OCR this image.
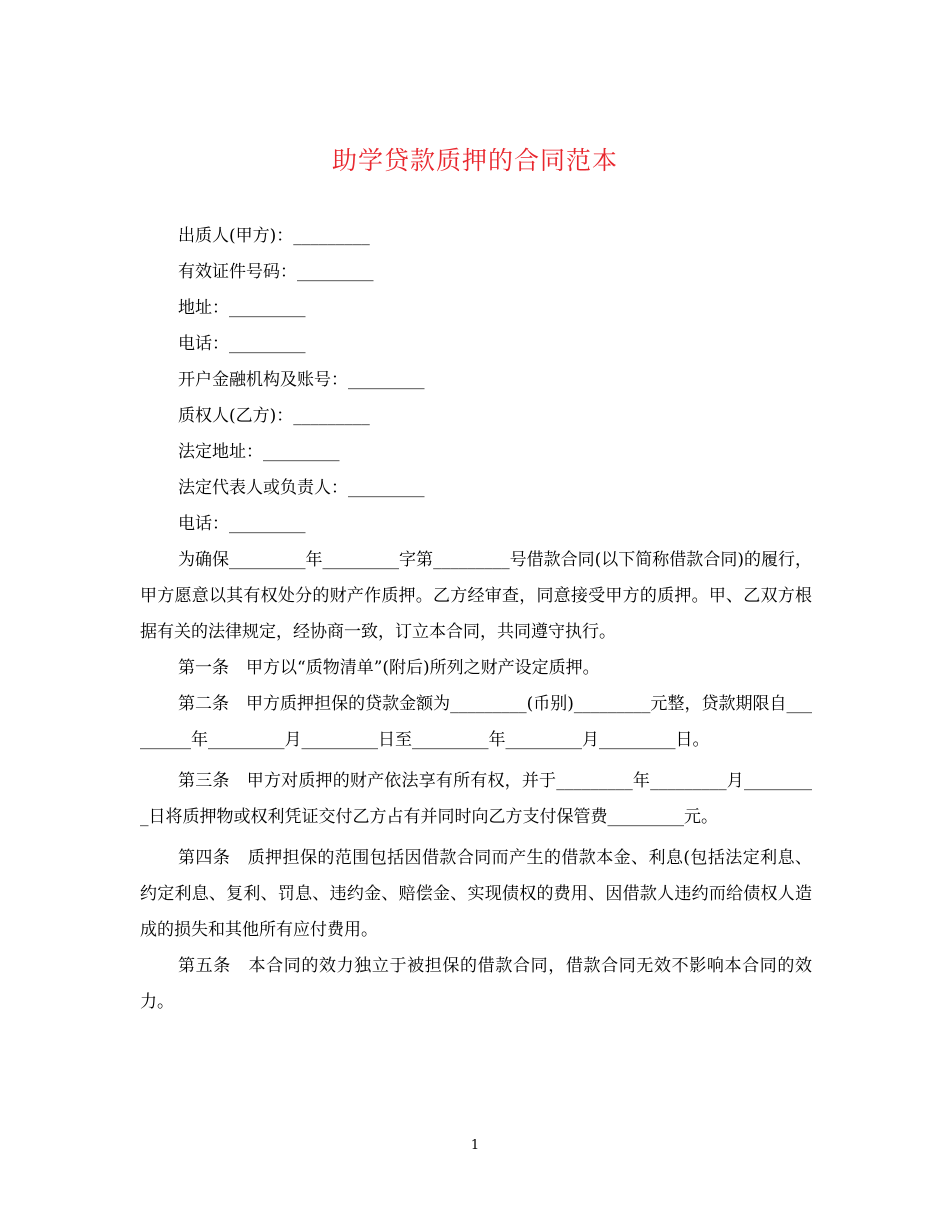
助学贷款质押的合同范本

出质人(甲方)：_________

有效证件号码：_________

地址：_________

电话：_________

开户金融机构及账号：_________

质权人(乙方)：_________

法定地址：_________

法定代表人或负责人：_________

电话：_________

为确保_________年_________字第_________号借款合同(以下简称借款合同)的履行，甲方愿意以其有权处分的财产作质押。乙方经审查，同意接受甲方的质押。甲、乙双方根据有关的法律规定，经协商一致，订立本合同，共同遵守执行。

第一条　甲方以“质物清单”(附后)所列之财产设定质押。

第二条　甲方质押担保的贷款金额为_________(币别)_________元整，贷款期限自_________年_________月_________日至_________年_________月_________日。

第三条　甲方对质押的财产依法享有所有权，并于_________年_________月_________日将质押物或权利凭证交付乙方占有并同时向乙方支付保管费_________元。

第四条　质押担保的范围包括因借款合同而产生的借款本金、利息(包括法定利息、约定利息、复利、罚息、违约金、赔偿金、实现债权的费用、因借款人违约而给债权人造成的损失和其他所有应付费用。

第五条　本合同的效力独立于被担保的借款合同，借款合同无效不影响本合同的效力。

1
